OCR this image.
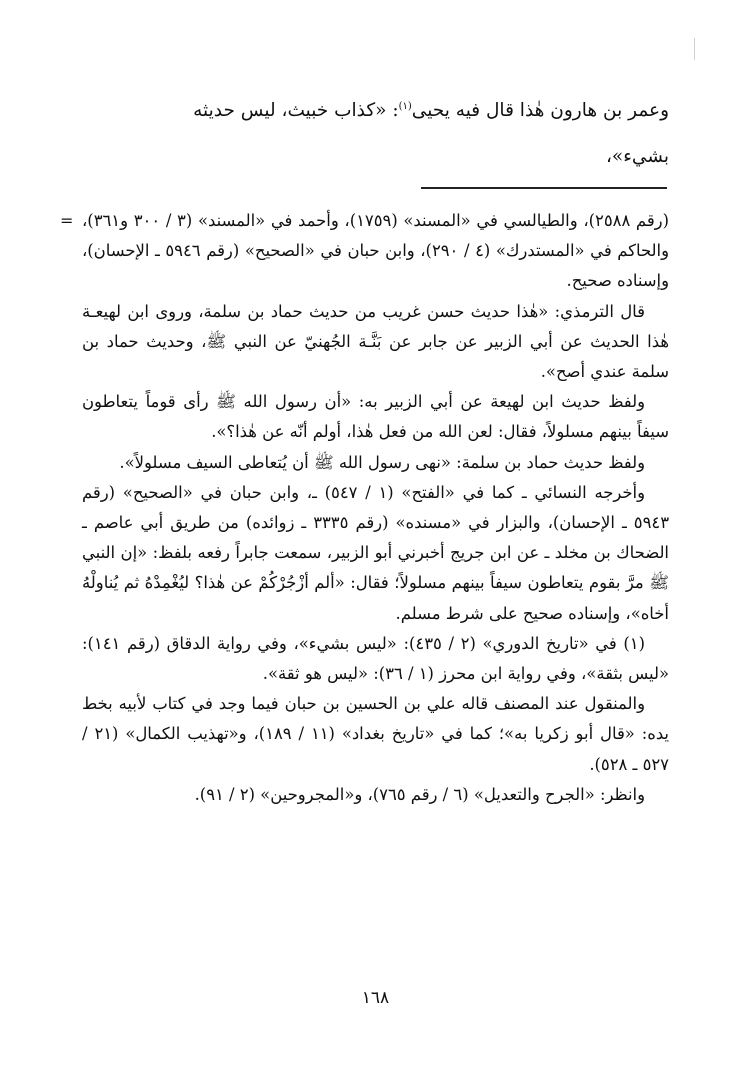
وعمر بن هارون هٰذا قال فيه يحيى$^{(١)}$: «كذاب خبيث، ليس حديثه
بشيء»،

= (رقم ٢٥٨٨)، والطيالسي في «المسند» (١٧٥٩)، وأحمد في «المسند» (٣ / ٣٠٠ و٣٦١)، والحاكم في «المستدرك» (٤ / ٢٩٠)، وابن حبان في «الصحيح» (رقم ٥٩٤٦ ـ الإحسان)، وإسناده صحيح.

قال الترمذي: «هٰذا حديث حسن غريب من حديث حماد بن سلمة، وروى ابن لهيعـة هٰذا الحديث عن أبي الزبير عن جابر عن بَنَّـة الجُهنيّ عن النبي ﷺ، وحديث حماد بن سلمة عندي أصح».

ولفظ حديث ابن لهيعة عن أبي الزبير به: «أن رسول الله ﷺ رأى قوماً يتعاطون سيفاً بينهم مسلولاً، فقال: لعن الله من فعل هٰذا، أولم أنّه عن هٰذا؟».

ولفظ حديث حماد بن سلمة: «نهى رسول الله ﷺ أن يُتعاطى السيف مسلولاً».

وأخرجه النسائي ـ كما في «الفتح» (١ / ٥٤٧) ـ، وابن حبان في «الصحيح» (رقم ٥٩٤٣ ـ الإحسان)، والبزار في «مسنده» (رقم ٣٣٣٥ ـ زوائده) من طريق أبي عاصم ـ الضحاك بن مخلد ـ عن ابن جريج أخبرني أبو الزبير، سمعت جابراً رفعه بلفظ: «إن النبي ﷺ مرَّ بقوم يتعاطون سيفاً بينهم مسلولاً؛ فقال: «ألم أزْجُرْكُمْ عن هٰذا؟ ليُغْمِدْهُ ثم يُناولْهُ أخاه»، وإسناده صحيح على شرط مسلم.

(١) في «تاريخ الدوري» (٢ / ٤٣٥): «ليس بشيء»، وفي رواية الدقاق (رقم ١٤١): «ليس بثقة»، وفي رواية ابن محرز (١ / ٣٦): «ليس هو ثقة».

والمنقول عند المصنف قاله علي بن الحسين بن حبان فيما وجد في كتاب لأبيه بخط يده: «قال أبو زكريا به»؛ كما في «تاريخ بغداد» (١١ / ١٨٩)، و«تهذيب الكمال» (٢١ / ٥٢٧ ـ ٥٢٨).

وانظر: «الجرح والتعديل» (٦ / رقم ٧٦٥)، و«المجروحين» (٢ / ٩١).

١٦٨
